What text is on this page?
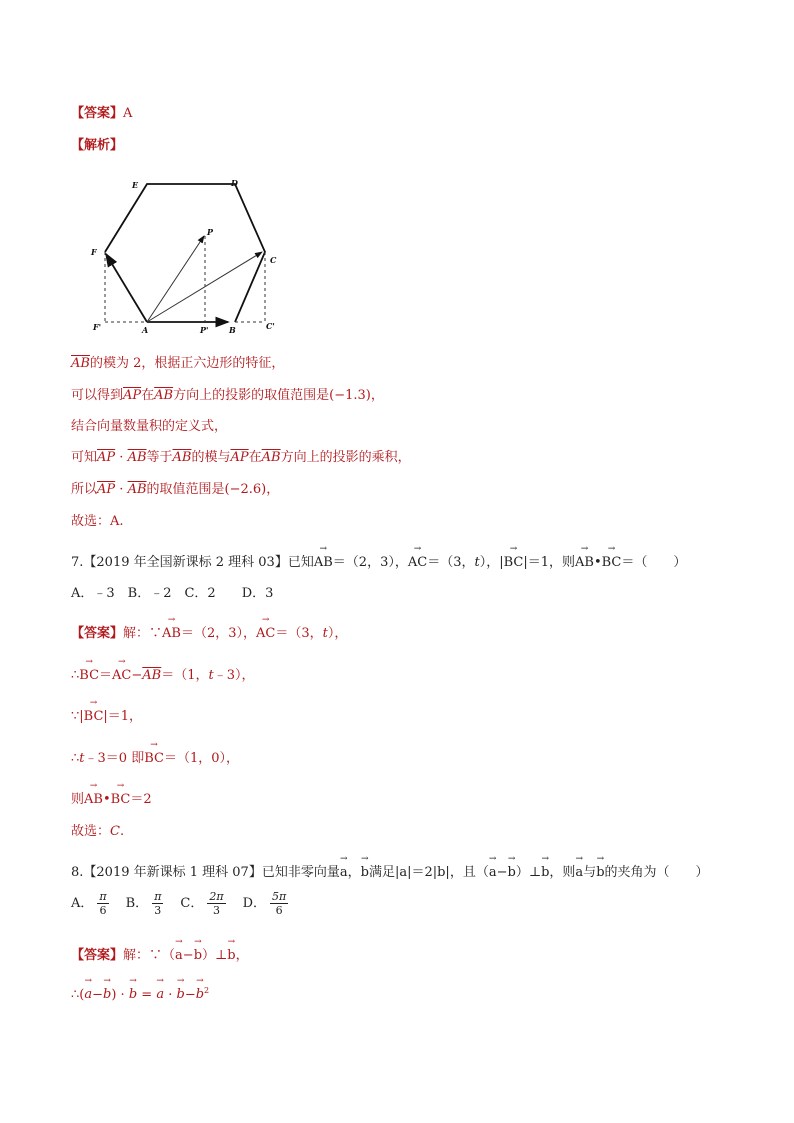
【答案】A
【解析】
E	D
F
C
P
F'	A	P'	B	C'
$\overline{AB}$的模为 2，根据正六边形的特征，
可以得到$\overline{AP}$在$\overline{AB}$方向上的投影的取值范围是(−1.3)，
结合向量数量积的定义式，
可知$\overline{AP} \cdot \overline{AB}$等于$\overline{AB}$的模与$\overline{AP}$在$\overline{AB}$方向上的投影的乘积，
所以$\overline{AP} \cdot \overline{AB}$的取值范围是(−2.6)，
故选：A.
7.【2019 年全国新课标 2 理科 03】已知→ AB＝（2，3），→ AC＝（3，t），|→ BC|＝1，则→ AB•→ BC＝（　　）
A．﹣3　B．﹣2　C．2　　D．3
【答案】解：∵→ AB＝（2，3），→ AC＝（3，t），
∴→ $BC=\to AC-\overline{AB}=(1$，t﹣3），
∵|→ BC|＝1，
∴t﹣3＝0 即→ BC＝（1，0），
则→ AB•→ BC＝2
故选：C.
8.【2019 年新课标 1 理科 07】已知非零向量→ a，→ b满足|a|＝2|b|，且（→ a−→ b）⊥→ b，则→ a与→ b的夹角为（　　）
A． $\frac{\pi}{6}$ 　B． $\frac{\pi}{3}$ 　C． $\frac{2\pi}{3}$ 　D． $\frac{5\pi}{6}$
【答案】解：∵（→ a−→ b）⊥→ b，
∴(→ a−→ b) · → b = → a · → $b-\to b^2$
